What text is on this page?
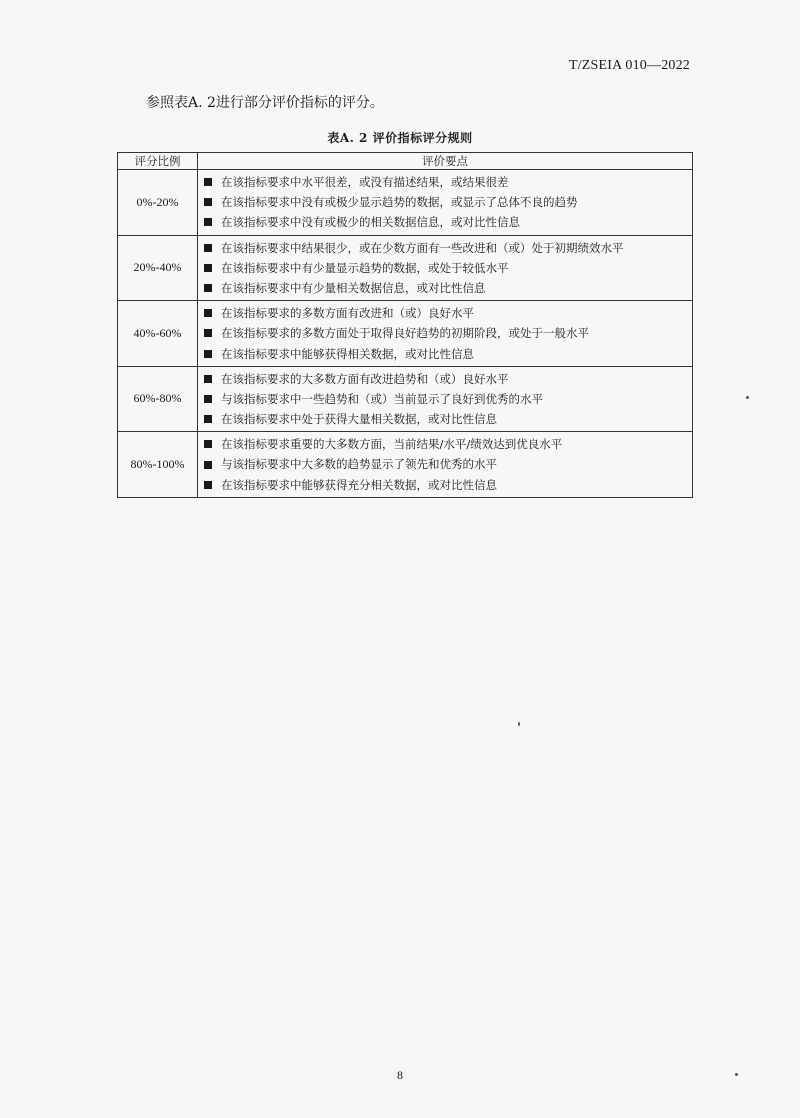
T/ZSEIA 010—2022
参照表A. 2进行部分评价指标的评分。
表A. 2 评价指标评分规则
评分比例	评价要点
0%-20%	在该指标要求中水平很差，或没有描述结果，或结果很差
在该指标要求中没有或极少显示趋势的数据，或显示了总体不良的趋势
在该指标要求中没有或极少的相关数据信息，或对比性信息

20%-40%	在该指标要求中结果很少，或在少数方面有一些改进和（或）处于初期绩效水平
在该指标要求中有少量显示趋势的数据，或处于较低水平
在该指标要求中有少量相关数据信息，或对比性信息

40%-60%	在该指标要求的多数方面有改进和（或）良好水平
在该指标要求的多数方面处于取得良好趋势的初期阶段，或处于一般水平
在该指标要求中能够获得相关数据，或对比性信息

60%-80%	在该指标要求的大多数方面有改进趋势和（或）良好水平
与该指标要求中一些趋势和（或）当前显示了良好到优秀的水平
在该指标要求中处于获得大量相关数据，或对比性信息

80%-100%	在该指标要求重要的大多数方面，当前结果/水平/绩效达到优良水平
与该指标要求中大多数的趋势显示了领先和优秀的水平
在该指标要求中能够获得充分相关数据，或对比性信息
8
